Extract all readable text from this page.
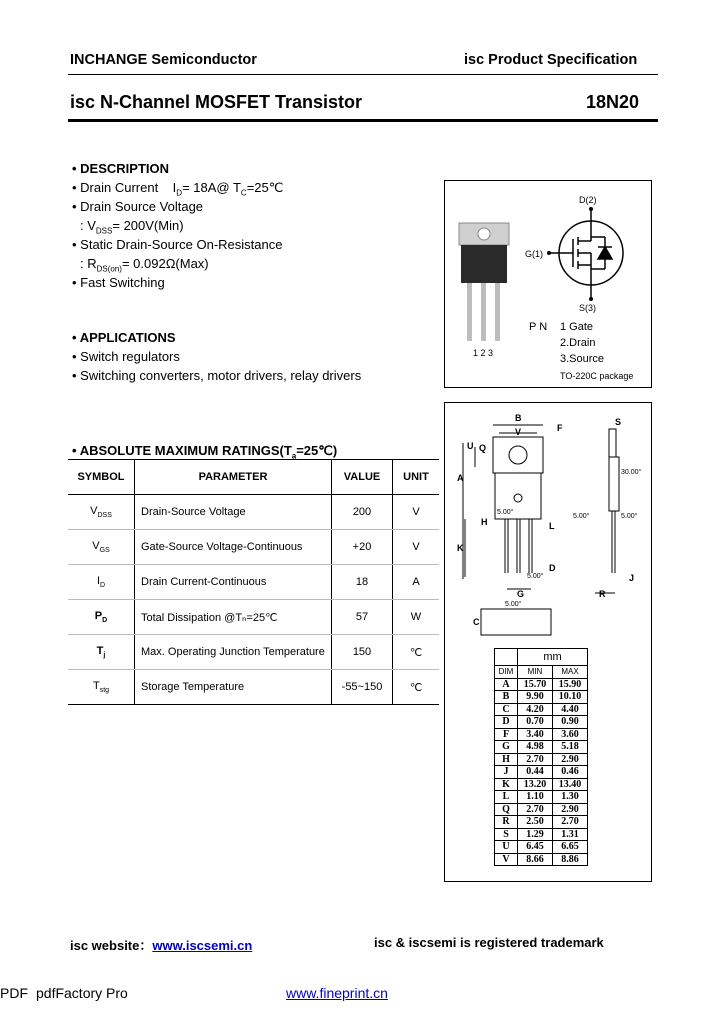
INCHANGE Semiconductor	isc Product Specification
isc N-Channel MOSFET Transistor	18N20
• DESCRIPTION
• Drain Current $I_D=$ 18A@ $T_C=25℃$
• Drain Source Voltage
: $V_{DSS}= 200V(Min)$
• Static Drain-Source On-Resistance
: $R_{DS(on)}= 0.092\Omega(Max)$
• Fast Switching
• APPLICATIONS
• Switch regulators
• Switching converters, motor drivers, relay drivers
• ABSOLUTE MAXIMUM $RATINGS(T_a=25℃)$
SYMBOL	PARAMETER	VALUE	UNIT
$V_{DSS}$	Drain-Source Voltage	200	V
$V_{GS}$	Gate-Source Voltage-Continuous	+20	V
$I_D$	Drain Current-Continuous	18	A
$P_D$	Total Dissipation @Tₙ=25℃	57	W
$T_j$	Max. Operating Junction Temperature	150	℃
$T_{stg}$	Storage Temperature	-55~150	℃
D(2)
G(1)
S(3)
1 2 3
P N 1 Gate
2.Drain
3.Source
TO-220C package
B
V	F
S
U Q
A
30.00°
5.00°
5.00°	5.00°
H	L
K
D
5.00°	J
G	R
C
5.00°
	mm	
DIM	MIN	MAX
A	15.70	15.90
B	9.90	10.10
C	4.20	4.40
D	0.70	0.90
F	3.40	3.60
G	4.98	5.18
H	2.70	2.90
J	0.44	0.46
K	13.20	13.40
L	1.10	1.30
Q	2.70	2.90
R	2.50	2.70
S	1.29	1.31
U	6.45	6.65
V	8.66	8.86
isc website：www.iscsemi.cn	isc & iscsemi is registered trademark
PDF pdfFactory Pro	www.fineprint.cn
